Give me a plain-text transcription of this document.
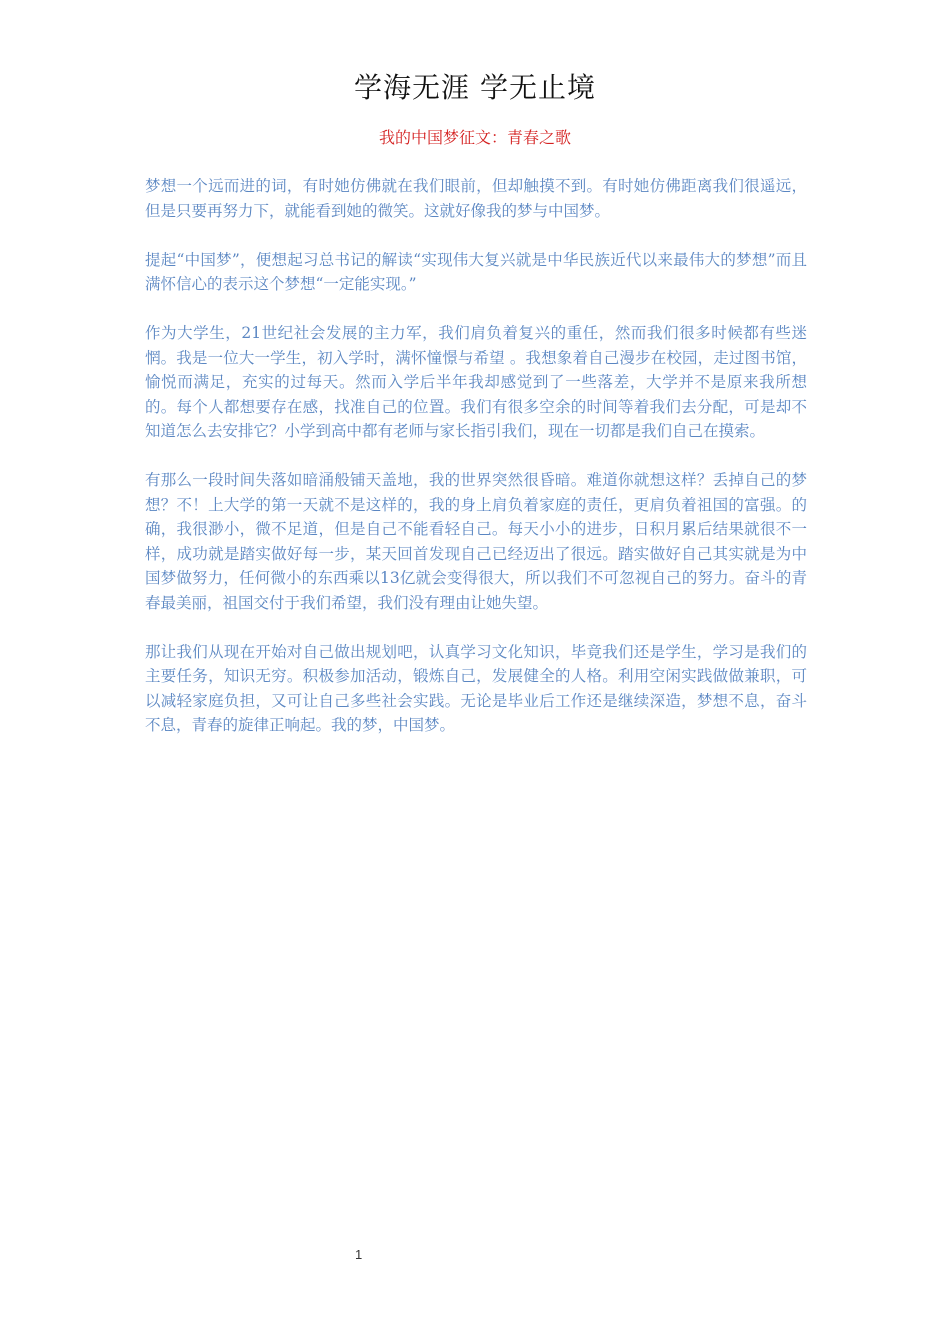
学海无涯 学无止境

我的中国梦征文：青春之歌

梦想一个远而进的词，有时她仿佛就在我们眼前，但却触摸不到。有时她仿佛距离我们很遥远，但是只要再努力下，就能看到她的微笑。这就好像我的梦与中国梦。

提起“中国梦”，便想起习总书记的解读“实现伟大复兴就是中华民族近代以来最伟大的梦想”而且满怀信心的表示这个梦想“一定能实现。”

作为大学生，21世纪社会发展的主力军，我们肩负着复兴的重任，然而我们很多时候都有些迷惘。我是一位大一学生，初入学时，满怀憧憬与希望 。我想象着自己漫步在校园，走过图书馆，愉悦而满足，充实的过每天。然而入学后半年我却感觉到了一些落差，大学并不是原来我所想的。每个人都想要存在感，找准自己的位置。我们有很多空余的时间等着我们去分配，可是却不知道怎么去安排它？小学到高中都有老师与家长指引我们，现在一切都是我们自己在摸索。

有那么一段时间失落如暗涌般铺天盖地，我的世界突然很昏暗。难道你就想这样？丢掉自己的梦想？不！上大学的第一天就不是这样的，我的身上肩负着家庭的责任，更肩负着祖国的富强。的确，我很渺小，微不足道，但是自己不能看轻自己。每天小小的进步，日积月累后结果就很不一样，成功就是踏实做好每一步，某天回首发现自己已经迈出了很远。踏实做好自己其实就是为中国梦做努力，任何微小的东西乘以13亿就会变得很大，所以我们不可忽视自己的努力。奋斗的青春最美丽，祖国交付于我们希望，我们没有理由让她失望。

那让我们从现在开始对自己做出规划吧，认真学习文化知识，毕竟我们还是学生，学习是我们的主要任务，知识无穷。积极参加活动，锻炼自己，发展健全的人格。利用空闲实践做做兼职，可以减轻家庭负担，又可让自己多些社会实践。无论是毕业后工作还是继续深造，梦想不息，奋斗不息，青春的旋律正响起。我的梦，中国梦。

1
